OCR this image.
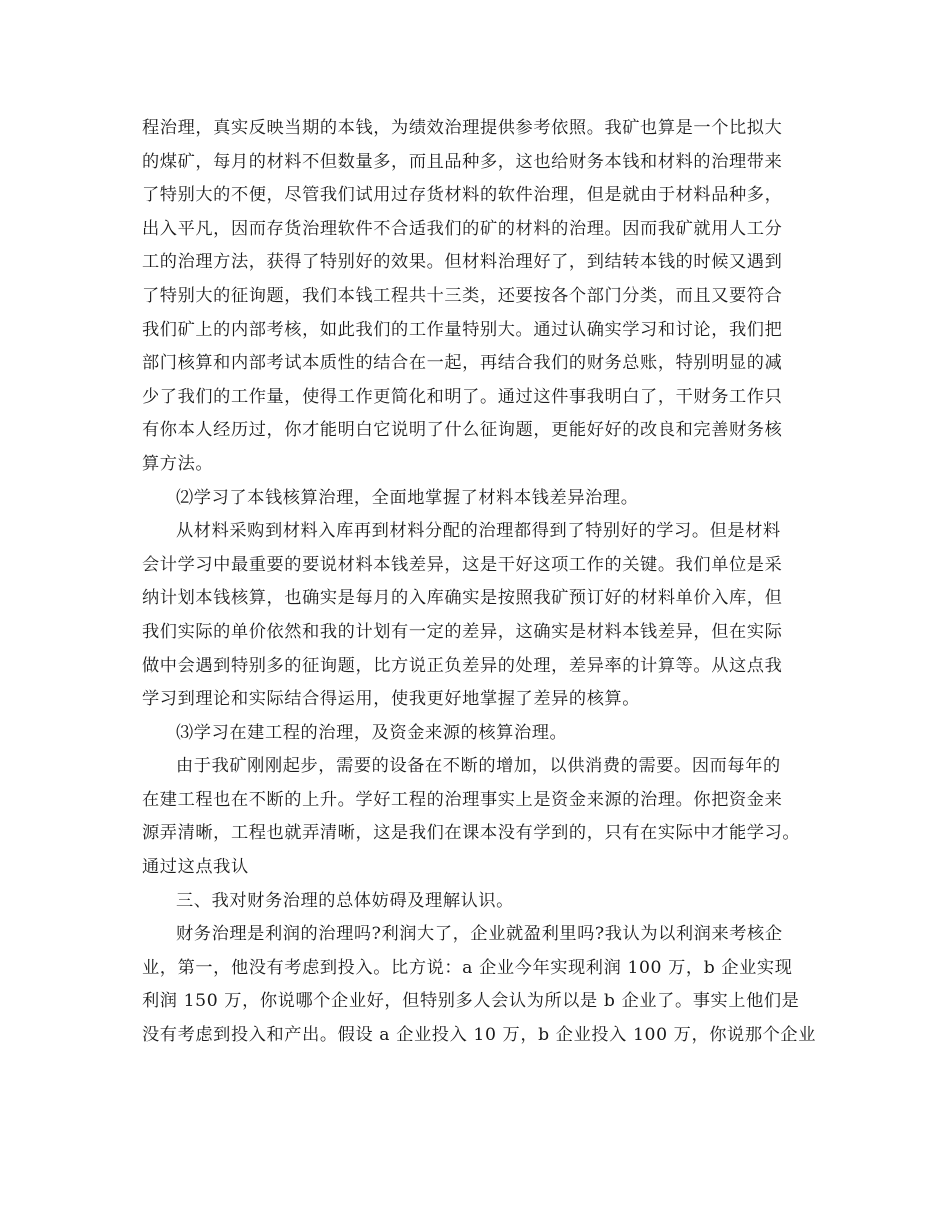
程治理，真实反映当期的本钱，为绩效治理提供参考依照。我矿也算是一个比拟大
的煤矿，每月的材料不但数量多，而且品种多，这也给财务本钱和材料的治理带来
了特别大的不便，尽管我们试用过存货材料的软件治理，但是就由于材料品种多，
出入平凡，因而存货治理软件不合适我们的矿的材料的治理。因而我矿就用人工分
工的治理方法，获得了特别好的效果。但材料治理好了，到结转本钱的时候又遇到
了特别大的征询题，我们本钱工程共十三类，还要按各个部门分类，而且又要符合
我们矿上的内部考核，如此我们的工作量特别大。通过认确实学习和讨论，我们把
部门核算和内部考试本质性的结合在一起，再结合我们的财务总账，特别明显的减
少了我们的工作量，使得工作更简化和明了。通过这件事我明白了，干财务工作只
有你本人经历过，你才能明白它说明了什么征询题，更能好好的改良和完善财务核
算方法。
⑵学习了本钱核算治理，全面地掌握了材料本钱差异治理。
从材料采购到材料入库再到材料分配的治理都得到了特别好的学习。但是材料
会计学习中最重要的要说材料本钱差异，这是干好这项工作的关键。我们单位是采
纳计划本钱核算，也确实是每月的入库确实是按照我矿预订好的材料单价入库，但
我们实际的单价依然和我的计划有一定的差异，这确实是材料本钱差异，但在实际
做中会遇到特别多的征询题，比方说正负差异的处理，差异率的计算等。从这点我
学习到理论和实际结合得运用，使我更好地掌握了差异的核算。
⑶学习在建工程的治理，及资金来源的核算治理。
由于我矿刚刚起步，需要的设备在不断的增加，以供消费的需要。因而每年的
在建工程也在不断的上升。学好工程的治理事实上是资金来源的治理。你把资金来
源弄清晰，工程也就弄清晰，这是我们在课本没有学到的，只有在实际中才能学习。
通过这点我认
三、我对财务治理的总体妨碍及理解认识。
财务治理是利润的治理吗?利润大了，企业就盈利里吗?我认为以利润来考核企
业，第一，他没有考虑到投入。比方说：a 企业今年实现利润 100 万，b 企业实现
利润 150 万，你说哪个企业好，但特别多人会认为所以是 b 企业了。事实上他们是
没有考虑到投入和产出。假设 a 企业投入 10 万，b 企业投入 100 万，你说那个企业
